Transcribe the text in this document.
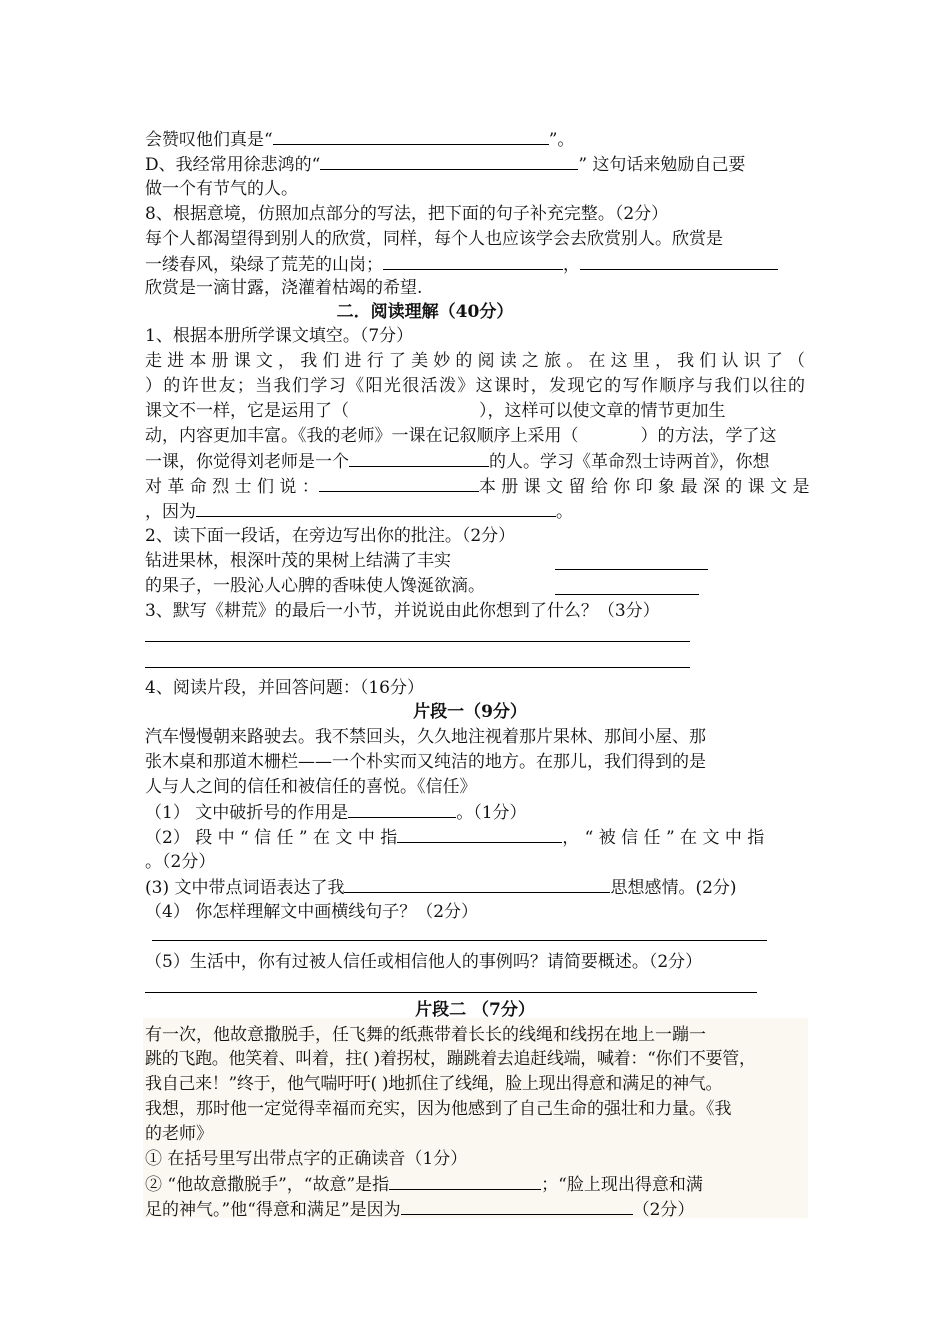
会赞叹他们真是“	”。
D、我经常用徐悲鸿的“	” 这句话来勉励自己要
做一个有节气的人。
8、根据意境，仿照加点部分的写法，把下面的句子补充完整。（2分）
每个人都渴望得到别人的欣赏，同样，每个人也应该学会去欣赏别人。欣赏是
一缕春风，染绿了荒芜的山岗；	，
欣赏是一滴甘露，浇灌着枯竭的希望.
二．阅读理解（40分）
1、根据本册所学课文填空。（7分）
走进本册课文，我们进行了美妙的阅读之旅。在这里，我们认识了（
）的许世友；当我们学习《阳光很活泼》这课时，发现它的写作顺序与我们以往的
课文不一样，它是运用了（	），这样可以使文章的情节更加生
动，内容更加丰富。《我的老师》一课在记叙顺序上采用（	）的方法，学了这
一课，你觉得刘老师是一个	的人。学习《革命烈士诗两首》，你想
对 革 命 烈 士 们 说 ：	本 册 课 文 留 给 你 印 象 最 深 的 课 文 是
，因为	。
2、读下面一段话，在旁边写出你的批注。（2分）
钻进果林，根深叶茂的果树上结满了丰实
的果子，一股沁人心脾的香味使人馋涎欲滴。
3、默写《耕荒》的最后一小节，并说说由此你想到了什么？（3分）
4、阅读片段，并回答问题：（16分）
片段一（9分）
汽车慢慢朝来路驶去。我不禁回头，久久地注视着那片果林、那间小屋、那
张木桌和那道木栅栏——一个朴实而又纯洁的地方。在那儿，我们得到的是
人与人之间的信任和被信任的喜悦。《信任》
（1） 文中破折号的作用是	。（1分）
（2） 段 中 “ 信 任 ” 在 文 中 指	， “ 被 信 任 ” 在 文 中 指
。（2分）
(3) 文中带点词语表达了我	思想感情。(2分)
（4） 你怎样理解文中画横线句子？（2分）
（5）生活中，你有过被人信任或相信他人的事例吗？请简要概述。（2分）
片段二 （7分）
有一次，他故意撒脱手，任飞舞的纸燕带着长长的线绳和线拐在地上一蹦一
跳的飞跑。他笑着、叫着，拄( )着拐杖，蹦跳着去追赶线端，喊着：“你们不要管，
我自己来！”终于，他气喘吁吁( )地抓住了线绳，脸上现出得意和满足的神气。
我想，那时他一定觉得幸福而充实，因为他感到了自己生命的强壮和力量。《我
的老师》
① 在括号里写出带点字的正确读音（1分）
② “他故意撒脱手”，“故意”是指	；“脸上现出得意和满
足的神气。”他“得意和满足”是因为	（2分）
